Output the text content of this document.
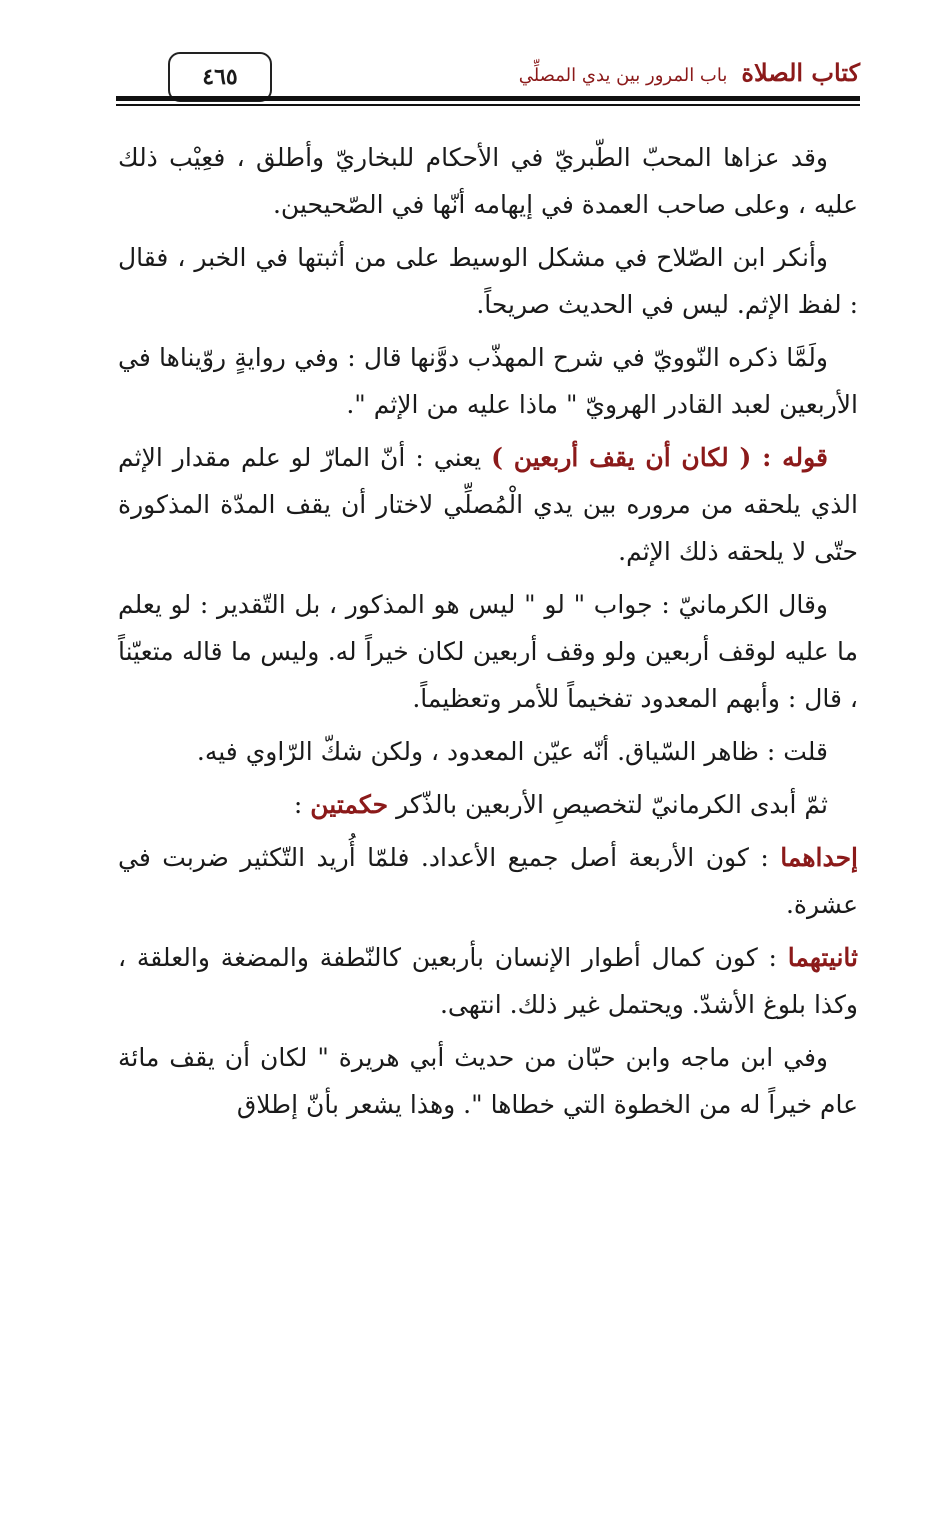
كتاب الصلاة
باب المرور بين يدي المصلِّي
٤٦٥

وقد عزاها المحبّ الطّبريّ في الأحكام للبخاريّ وأطلق ، فعِيْب ذلك عليه ، وعلى صاحب العمدة في إيهامه أنّها في الصّحيحين.

وأنكر ابن الصّلاح في مشكل الوسيط على من أثبتها في الخبر ، فقال : لفظ الإثم. ليس في الحديث صريحاً.

ولَمَّا ذكره النّوويّ في شرح المهذّب دوَّنها قال : وفي روايةٍ روّيناها في الأربعين لعبد القادر الهرويّ " ماذا عليه من الإثم ".

قوله : ( لكان أن يقف أربعين ) يعني : أنّ المارّ لو علم مقدار الإثم الذي يلحقه من مروره بين يدي الْمُصلِّي لاختار أن يقف المدّة المذكورة حتّى لا يلحقه ذلك الإثم.

وقال الكرمانيّ : جواب " لو " ليس هو المذكور ، بل التّقدير : لو يعلم ما عليه لوقف أربعين ولو وقف أربعين لكان خيراً له. وليس ما قاله متعيّناً ، قال : وأبهم المعدود تفخيماً للأمر وتعظيماً.

قلت : ظاهر السّياق. أنّه عيّن المعدود ، ولكن شكّ الرّاوي فيه.

ثمّ أبدى الكرمانيّ لتخصيصِ الأربعين بالذّكر حكمتين :

إحداهما : كون الأربعة أصل جميع الأعداد. فلمّا أُريد التّكثير ضربت في عشرة.

ثانيتهما : كون كمال أطوار الإنسان بأربعين كالنّطفة والمضغة والعلقة ، وكذا بلوغ الأشدّ. ويحتمل غير ذلك. انتهى.

وفي ابن ماجه وابن حبّان من حديث أبي هريرة " لكان أن يقف مائة عام خيراً له من الخطوة التي خطاها ". وهذا يشعر بأنّ إطلاق
